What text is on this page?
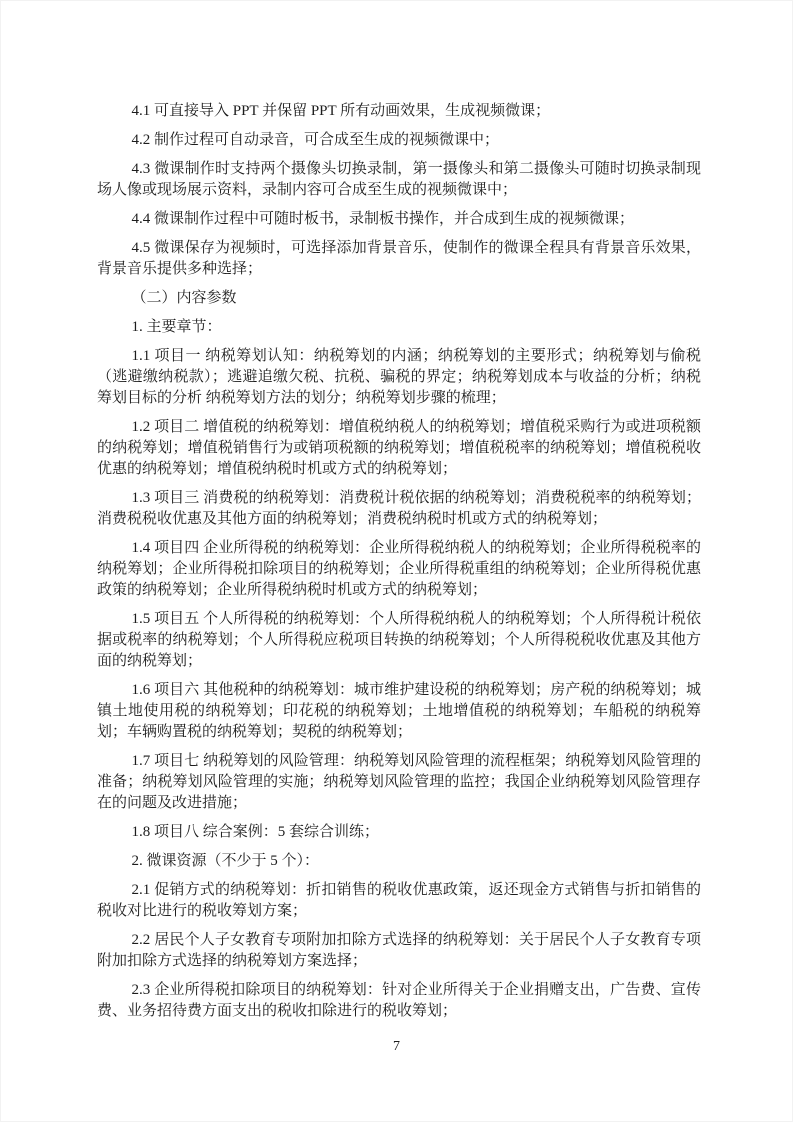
4.1 可直接导入 PPT 并保留 PPT 所有动画效果，生成视频微课；

4.2 制作过程可自动录音，可合成至生成的视频微课中；

4.3 微课制作时支持两个摄像头切换录制，第一摄像头和第二摄像头可随时切换录制现场人像或现场展示资料，录制内容可合成至生成的视频微课中；

4.4 微课制作过程中可随时板书，录制板书操作，并合成到生成的视频微课；

4.5 微课保存为视频时，可选择添加背景音乐，使制作的微课全程具有背景音乐效果，背景音乐提供多种选择；

（二）内容参数

1. 主要章节：

1.1 项目一 纳税筹划认知：纳税筹划的内涵；纳税筹划的主要形式；纳税筹划与偷税（逃避缴纳税款）；逃避追缴欠税、抗税、骗税的界定；纳税筹划成本与收益的分析；纳税筹划目标的分析 纳税筹划方法的划分；纳税筹划步骤的梳理；

1.2 项目二 增值税的纳税筹划：增值税纳税人的纳税筹划；增值税采购行为或进项税额的纳税筹划；增值税销售行为或销项税额的纳税筹划；增值税税率的纳税筹划；增值税税收优惠的纳税筹划；增值税纳税时机或方式的纳税筹划；

1.3 项目三 消费税的纳税筹划：消费税计税依据的纳税筹划；消费税税率的纳税筹划；消费税税收优惠及其他方面的纳税筹划；消费税纳税时机或方式的纳税筹划；

1.4 项目四 企业所得税的纳税筹划：企业所得税纳税人的纳税筹划；企业所得税税率的纳税筹划；企业所得税扣除项目的纳税筹划；企业所得税重组的纳税筹划；企业所得税优惠政策的纳税筹划；企业所得税纳税时机或方式的纳税筹划；

1.5 项目五 个人所得税的纳税筹划：个人所得税纳税人的纳税筹划；个人所得税计税依据或税率的纳税筹划；个人所得税应税项目转换的纳税筹划；个人所得税税收优惠及其他方面的纳税筹划；

1.6 项目六 其他税种的纳税筹划：城市维护建设税的纳税筹划；房产税的纳税筹划；城镇土地使用税的纳税筹划；印花税的纳税筹划；土地增值税的纳税筹划；车船税的纳税筹划；车辆购置税的纳税筹划；契税的纳税筹划；

1.7 项目七 纳税筹划的风险管理：纳税筹划风险管理的流程框架；纳税筹划风险管理的准备；纳税筹划风险管理的实施；纳税筹划风险管理的监控；我国企业纳税筹划风险管理存在的问题及改进措施；

1.8 项目八 综合案例：5 套综合训练；

2. 微课资源（不少于 5 个）：

2.1 促销方式的纳税筹划：折扣销售的税收优惠政策，返还现金方式销售与折扣销售的税收对比进行的税收筹划方案；

2.2 居民个人子女教育专项附加扣除方式选择的纳税筹划：关于居民个人子女教育专项附加扣除方式选择的纳税筹划方案选择；

2.3 企业所得税扣除项目的纳税筹划：针对企业所得关于企业捐赠支出，广告费、宣传费、业务招待费方面支出的税收扣除进行的税收筹划；

7
